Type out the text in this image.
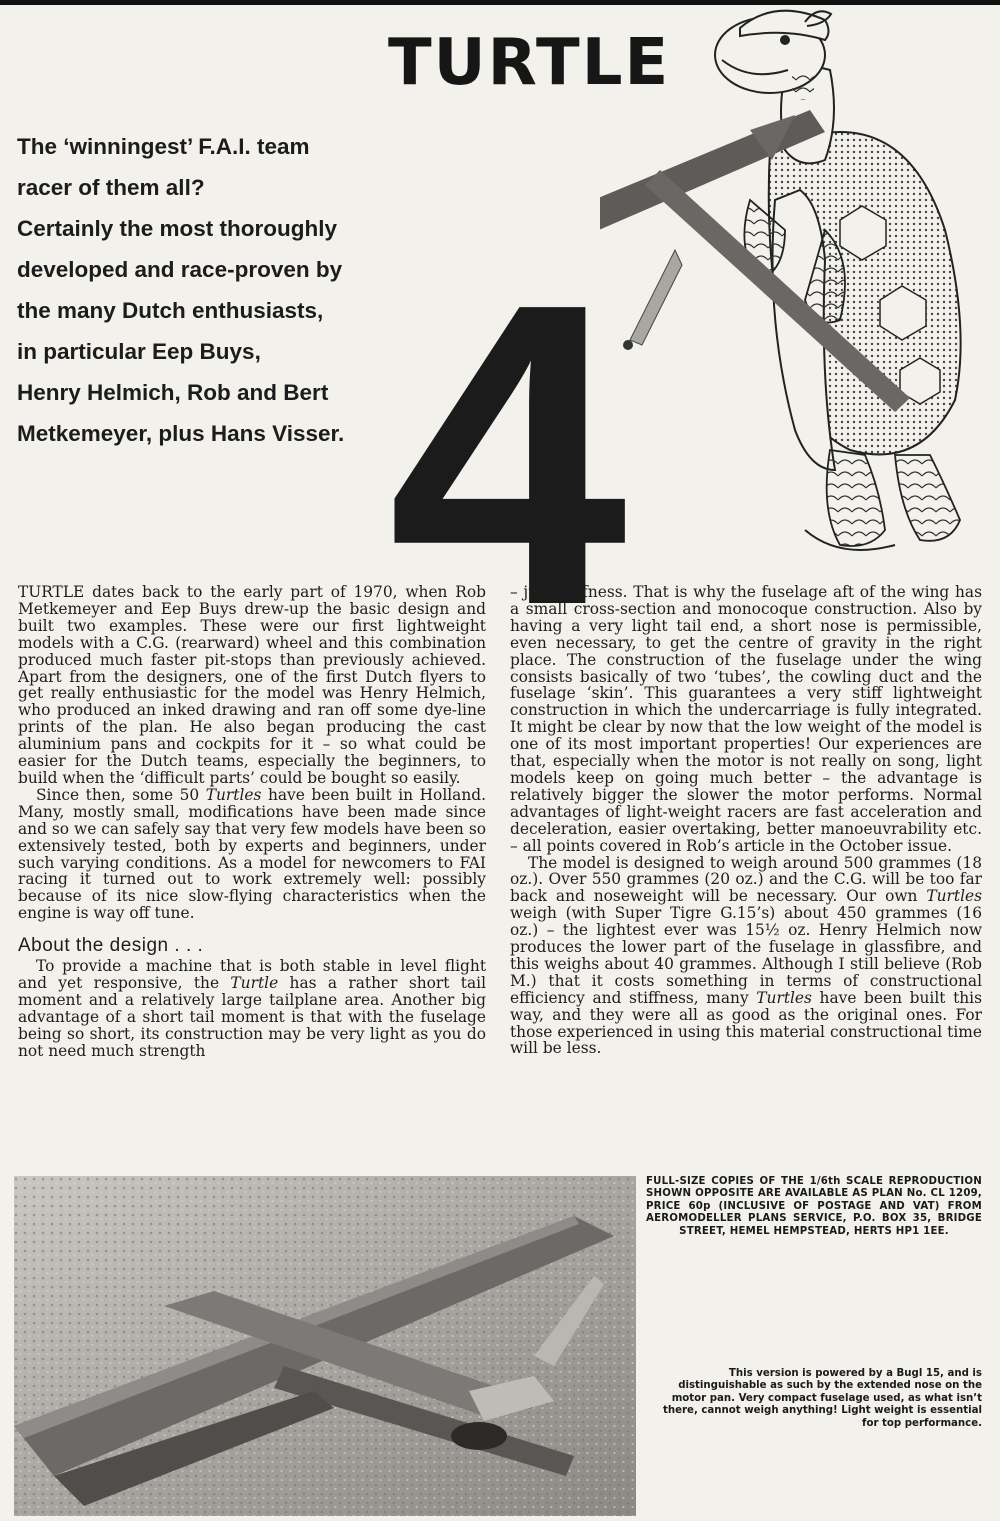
TURTLE
4
The ‘winningest’ F.A.I. team
racer of them all?
Certainly the most thoroughly
developed and race-proven by
the many Dutch enthusiasts,
in particular Eep Buys,
Henry Helmich, Rob and Bert
Metkemeyer, plus Hans Visser.

TURTLE dates back to the early part of 1970, when Rob Metkemeyer and Eep Buys drew-up the basic design and built two examples. These were our first lightweight models with a C.G. (rearward) wheel and this combination produced much faster pit-stops than previously achieved. Apart from the designers, one of the first Dutch flyers to get really enthusiastic for the model was Henry Helmich, who produced an inked drawing and ran off some dye-line prints of the plan. He also began producing the cast aluminium pans and cockpits for it – so what could be easier for the Dutch teams, especially the beginners, to build when the ‘difficult parts’ could be bought so easily.

Since then, some 50 Turtles have been built in Holland. Many, mostly small, modifications have been made since and so we can safely say that very few models have been so extensively tested, both by experts and beginners, under such varying conditions. As a model for newcomers to FAI racing it turned out to work extremely well: possibly because of its nice slow-flying characteristics when the engine is way off tune.

About the design . . .

To provide a machine that is both stable in level flight and yet responsive, the Turtle has a rather short tail moment and a relatively large tailplane area. Another big advantage of a short tail moment is that with the fuselage being so short, its construction may be very light as you do not need much strength

– just stiffness. That is why the fuselage aft of the wing has a small cross-section and monocoque construction. Also by having a very light tail end, a short nose is permissible, even necessary, to get the centre of gravity in the right place. The construction of the fuselage under the wing consists basically of two ‘tubes’, the cowling duct and the fuselage ‘skin’. This guarantees a very stiff lightweight construction in which the undercarriage is fully integrated. It might be clear by now that the low weight of the model is one of its most important properties! Our experiences are that, especially when the motor is not really on song, light models keep on going much better – the advantage is relatively bigger the slower the motor performs. Normal advantages of light-weight racers are fast acceleration and deceleration, easier overtaking, better manoeuvrability etc. – all points covered in Rob’s article in the October issue.

The model is designed to weigh around 500 grammes (18 oz.). Over 550 grammes (20 oz.) and the C.G. will be too far back and noseweight will be necessary. Our own Turtles weigh (with Super Tigre G.15’s) about 450 grammes (16 oz.) – the lightest ever was 15½ oz. Henry Helmich now produces the lower part of the fuselage in glassfibre, and this weighs about 40 grammes. Although I still believe (Rob M.) that it costs something in terms of constructional efficiency and stiffness, many Turtles have been built this way, and they were all as good as the original ones. For those experienced in using this material constructional time will be less.

FULL-SIZE COPIES OF THE 1/6th SCALE REPRODUCTION SHOWN OPPOSITE ARE AVAILABLE AS PLAN No. CL 1209, PRICE 60p (INCLUSIVE OF POSTAGE AND VAT) FROM AEROMODELLER PLANS SERVICE, P.O. BOX 35, BRIDGE STREET, HEMEL HEMPSTEAD, HERTS HP1 1EE.
This version is powered by a Bugl 15, and is distinguishable as such by the extended nose on the motor pan. Very compact fuselage used, as what isn’t there, cannot weigh anything! Light weight is essential for top performance.
